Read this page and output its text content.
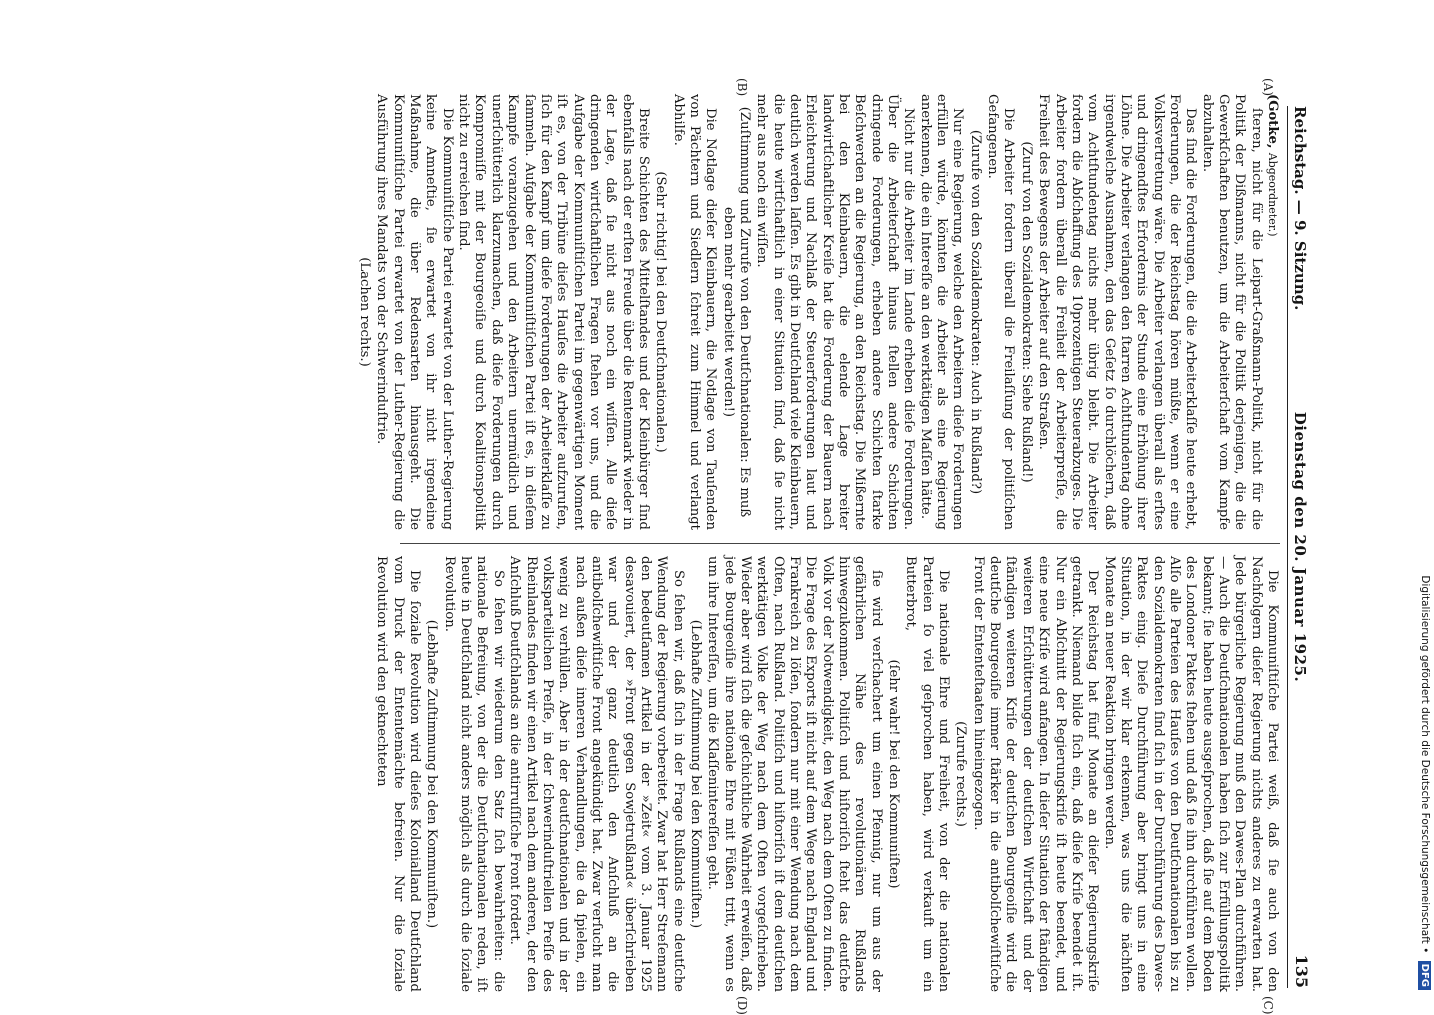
Reichstag. — 9. Sitzung.
Dienstag den 20. Januar 1925.
135
(A)
(B)
(C)
(D)

(Gotke, Abgeordneter.)

ſteren, nicht für die Leipart-Graßmann-Politik, nicht für die Politik der Dißmanns, nicht für die Politik derjenigen, die die Gewerkſchaften benutzen, um die Arbeiterſchaft vom Kampfe abzuhalten.

Das ſind die Forderungen, die die Arbeiterklaſſe heute erhebt, Forderungen, die der Reichstag hören müßte, wenn er eine Volksvertretung wäre. Die Arbeiter verlangen überall als erſtes und dringendſtes Erfordernis der Stunde eine Erhöhung ihrer Löhne. Die Arbeiter verlangen den ſtarren Achtſtundentag ohne irgendwelche Ausnahmen, den das Geſetz ſo durchlöchern, daß vom Achtſtundentag nichts mehr übrig bleibt. Die Arbeiter fordern die Abſchaffung des 10prozentigen Steuerabzuges. Die Arbeiter fordern überall die Freiheit der Arbeiterpreſſe, die Freiheit des Bewegens der Arbeiter auf den Straßen.

(Zuruf von den Sozialdemokraten: Siehe Rußland!)

Die Arbeiter fordern überall die Freilaſſung der politiſchen Gefangenen.

(Zurufe von den Sozialdemokraten: Auch in Rußland?)

Nur eine Regierung, welche den Arbeitern dieſe Forderungen erfüllen würde, könnten die Arbeiter als eine Regierung anerkennen, die ein Intereſſe an den werktätigen Maſſen hätte.

Nicht nur die Arbeiter im Lande erheben dieſe Forderungen. Über die Arbeiterſchaft hinaus ſtellen andere Schichten dringende Forderungen, erheben andere Schichten ſtarke Beſchwerden an die Regierung, an den Reichstag. Die Mißernte bei den Kleinbauern, die elende Lage breiter landwirtſchaftlicher Kreiſe hat die Forderung der Bauern nach Erleichterung und Nachlaß der Steuerforderungen laut und deutlich werden laſſen. Es gibt in Deutſchland viele Kleinbauern, die heute wirtſchaftlich in einer Situation ſind, daß ſie nicht mehr aus noch ein wiſſen.

(Zuſtimmung und Zurufe von den Deutſchnationalen: Es muß eben mehr gearbeitet werden!)

Die Notlage dieſer Kleinbauern, die Notlage von Tauſenden von Pächtern und Siedlern ſchreit zum Himmel und verlangt Abhilfe.

(Sehr richtig! bei den Deutſchnationalen.)

Breite Schichten des Mittelſtandes und der Kleinbürger ſind ebenfalls nach der erſten Freude über die Rentenmark wieder in der Lage, daß ſie nicht aus noch ein wiſſen. Alle dieſe dringenden wirtſchaftlichen Fragen ſtehen vor uns, und die Aufgabe der Kommuniſtiſchen Partei im gegenwärtigen Moment iſt es, von der Tribüne dieſes Hauſes die Arbeiter aufzurufen, ſich für den Kampf um dieſe Forderungen der Arbeiterklaſſe zu ſammeln. Aufgabe der Kommuniſtiſchen Partei iſt es, in dieſem Kampfe voranzugehen und den Arbeitern unermüdlich und unerſchütterlich klarzumachen, daß dieſe Forderungen durch Kompromiſſe mit der Bourgeoiſie und durch Koalitionspolitik nicht zu erreichen ſind.

Die Kommuniſtiſche Partei erwartet von der Luther-Regierung keine Amneſtie, ſie erwartet von ihr nicht irgendeine Maßnahme, die über Redensarten hinausgeht. Die Kommuniſtiſche Partei erwartet von der Luther-Regierung die Ausführung ihres Mandats von der Schwerinduſtrie.

(Lachen rechts.)

Die Kommuniſtiſche Partei weiß, daß ſie auch von den Nachfolgern dieſer Regierung nichts anderes zu erwarten hat. Jede bürgerliche Regierung muß den Dawes-Plan durchführen. — Auch die Deutſchnationalen haben ſich zur Erfüllungspolitik bekannt; ſie haben heute ausgeſprochen, daß ſie auf dem Boden des Londoner Paktes ſtehen und daß ſie ihn durchführen wollen. Alſo alle Parteien des Hauſes von den Deutſchnationalen bis zu den Sozialdemokraten ſind ſich in der Durchführung des Dawes-Paktes einig. Dieſe Durchführung aber bringt uns in eine Situation, in der wir klar erkennen, was uns die nächſten Monate an neuer Reaktion bringen werden.

Der Reichstag hat fünf Monate an dieſer Regierungskriſe getrankt. Niemand bilde ſich ein, daß dieſe Kriſe beendet iſt. Nur ein Abſchnitt der Regierungskriſe iſt heute beendet, und eine neue Kriſe wird anfangen. In dieſer Situation der ſtändigen weiteren Erſchütterungen der deutſchen Wirtſchaft und der ſtändigen weiteren Kriſe der deutſchen Bourgeoiſie wird die deutſche Bourgeoiſie immer ſtärker in die antibolſchewiſtiſche Front der Ententeſtaaten hineingezogen.

(Zurufe rechts.)

Die nationale Ehre und Freiheit, von der die nationalen Parteien ſo viel geſprochen haben, wird verkauft um ein Butterbrot,

(ſehr wahr! bei den Kommuniſten)

ſie wird verſchachert um einen Pfennig, nur um aus der gefährlichen Nähe des revolutionären Rußlands hinwegzukommen. Politiſch und hiſtoriſch ſteht das deutſche Volk vor der Notwendigkeit, den Weg nach dem Oſten zu finden. Die Frage des Exports iſt nicht auf dem Wege nach England und Frankreich zu löſen, ſondern nur mit einer Wendung nach dem Oſten, nach Rußland. Politiſch und hiſtoriſch iſt dem deutſchen werktätigen Volke der Weg nach dem Oſten vorgeſchrieben. Wieder aber wird ſich die geſchichtliche Wahrheit erweiſen, daß jede Bourgeoiſie ihre nationale Ehre mit Füßen tritt, wenn es um ihre Intereſſen, um die Klaſſenintereſſen geht.

(Lebhafte Zuſtimmung bei den Kommuniſten.)

So ſehen wir, daß ſich in der Frage Rußlands eine deutſche Wendung der Regierung vorbereitet. Zwar hat Herr Streſemann den bedeutſamen Artikel in der »Zeit« vom 3. Januar 1925 desavouiert, der »Front gegen Sowjetrußland« überſchrieben war und der ganz deutlich den Anſchluß an die antibolſchewiſtiſche Front angekündigt hat. Zwar verſucht man nach außen dieſe inneren Verhandlungen, die da ſpielen, ein wenig zu verhüllen. Aber in der deutſchnationalen und in der volksparteilichen Preſſe, in der ſchwerinduſtriellen Preſſe des Rheinlandes finden wir einen Artikel nach dem anderen, der den Anſchluß Deutſchlands an die antirruſſiſche Front fordert.

So ſehen wir wiederum den Satz ſich bewahrheiten: die nationale Befreiung, von der die Deutſchnationalen reden, iſt heute in Deutſchland nicht anders möglich als durch die ſoziale Revolution.

(Lebhafte Zuſtimmung bei den Kommuniſten.)

Die ſoziale Revolution wird dieſes Kolonialland Deutſchland vom Druck der Ententemächte befreien. Nur die ſoziale Revolution wird den geknechteten	Digitalisierung gefördert durch die Deutsche Forschungsgemeinschaft • DFG
